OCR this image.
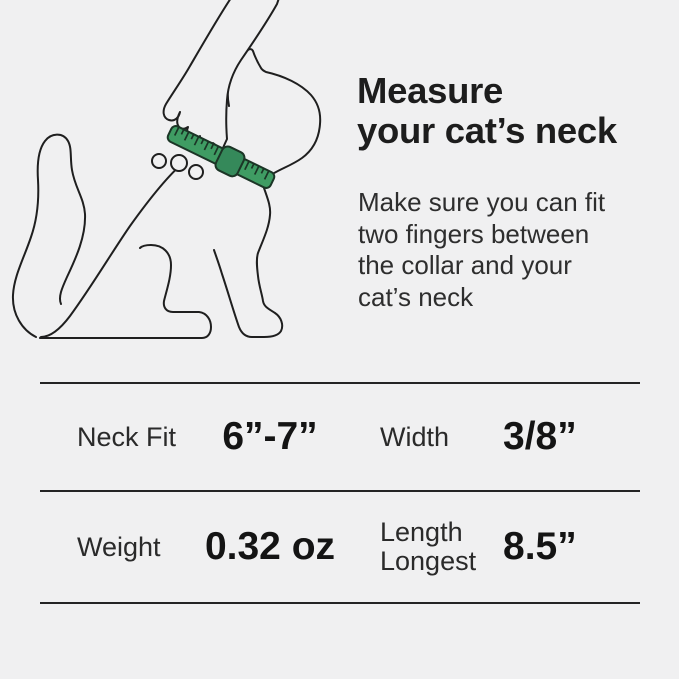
Measure
your cat’s neck
Make sure you can fit
two fingers between
the collar and your
cat’s neck
Neck Fit	6”-7”	Width	3/8”
Weight	0.32 oz	Length Longest 8.5”
